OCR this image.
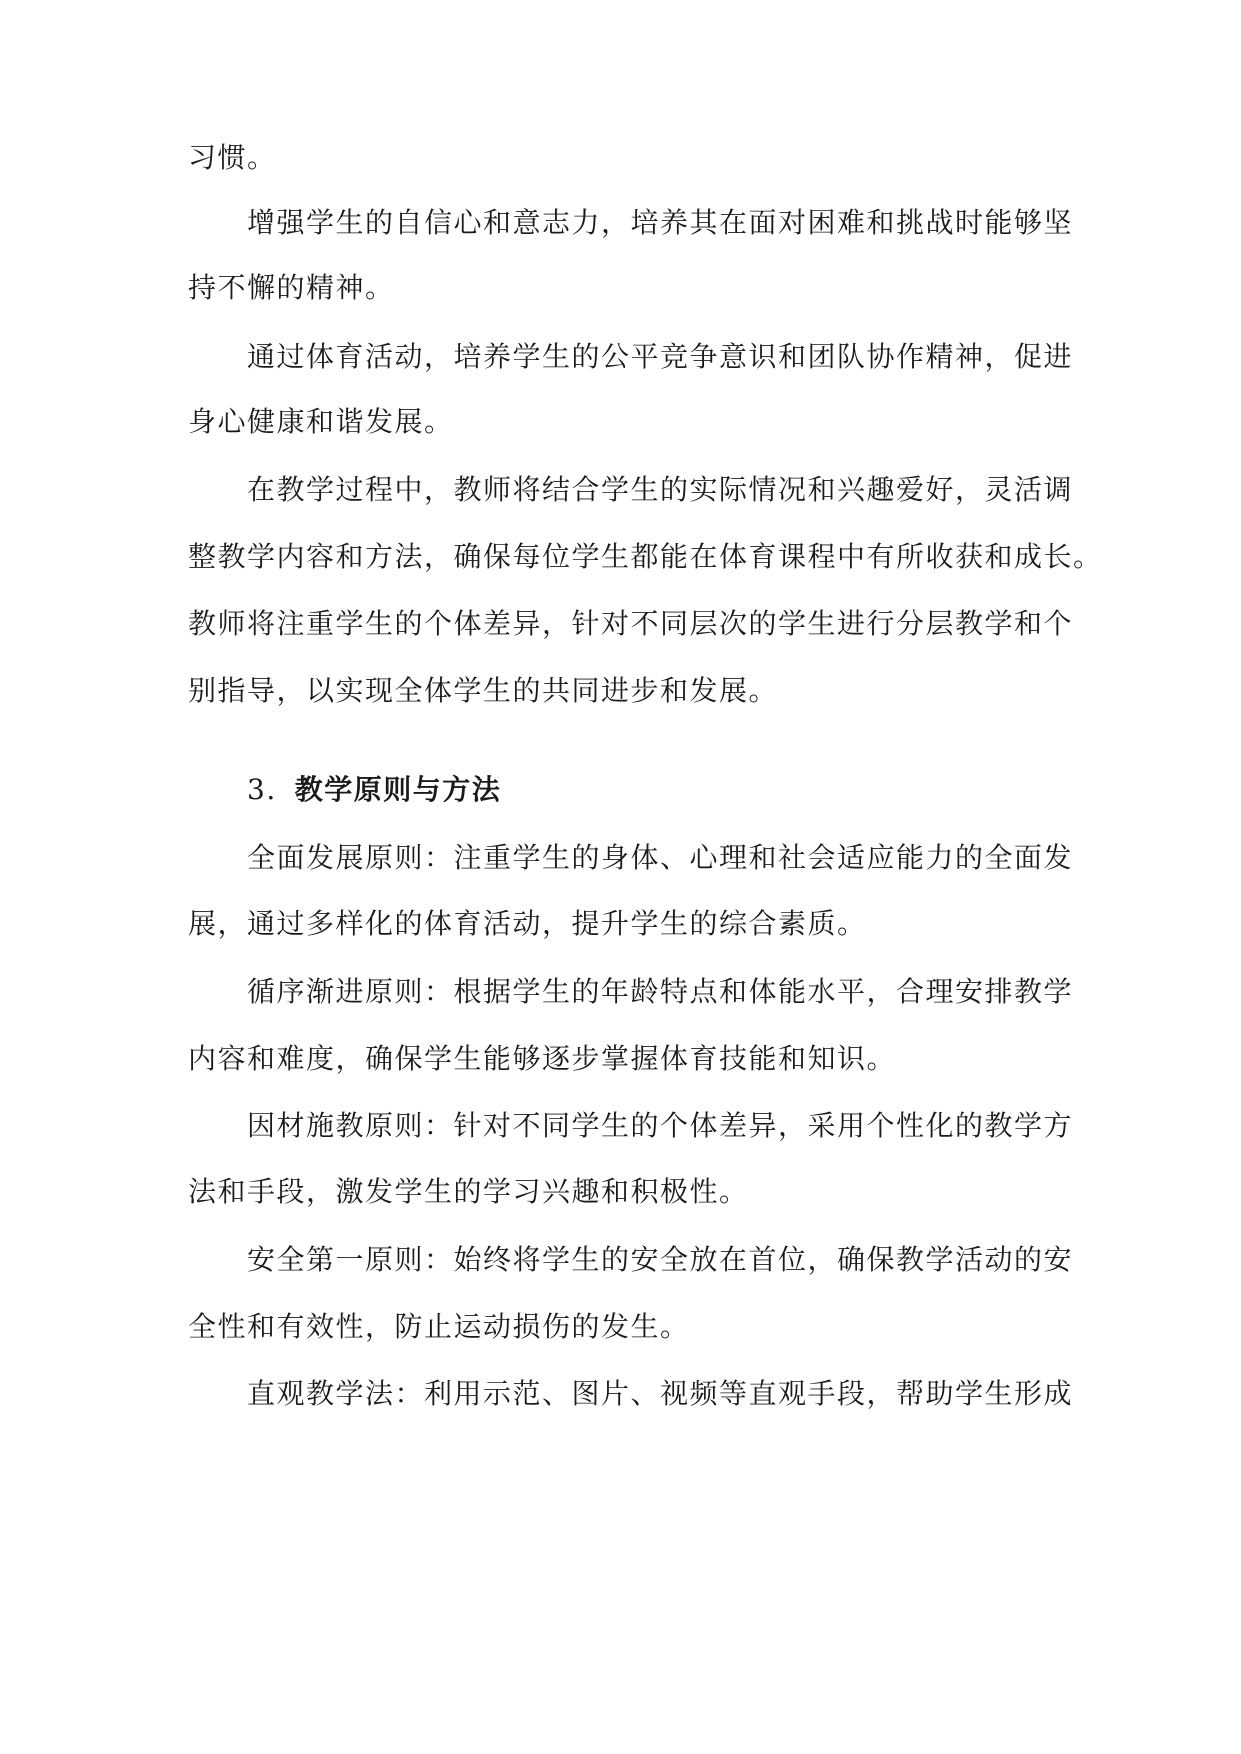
习惯。
增强学生的自信心和意志力，培养其在面对困难和挑战时能够坚
持不懈的精神。
通过体育活动，培养学生的公平竞争意识和团队协作精神，促进
身心健康和谐发展。
在教学过程中，教师将结合学生的实际情况和兴趣爱好，灵活调
整教学内容和方法，确保每位学生都能在体育课程中有所收获和成长。
教师将注重学生的个体差异，针对不同层次的学生进行分层教学和个
别指导，以实现全体学生的共同进步和发展。
3. 教学原则与方法
全面发展原则：注重学生的身体、心理和社会适应能力的全面发
展，通过多样化的体育活动，提升学生的综合素质。
循序渐进原则：根据学生的年龄特点和体能水平，合理安排教学
内容和难度，确保学生能够逐步掌握体育技能和知识。
因材施教原则：针对不同学生的个体差异，采用个性化的教学方
法和手段，激发学生的学习兴趣和积极性。
安全第一原则：始终将学生的安全放在首位，确保教学活动的安
全性和有效性，防止运动损伤的发生。
直观教学法：利用示范、图片、视频等直观手段，帮助学生形成
